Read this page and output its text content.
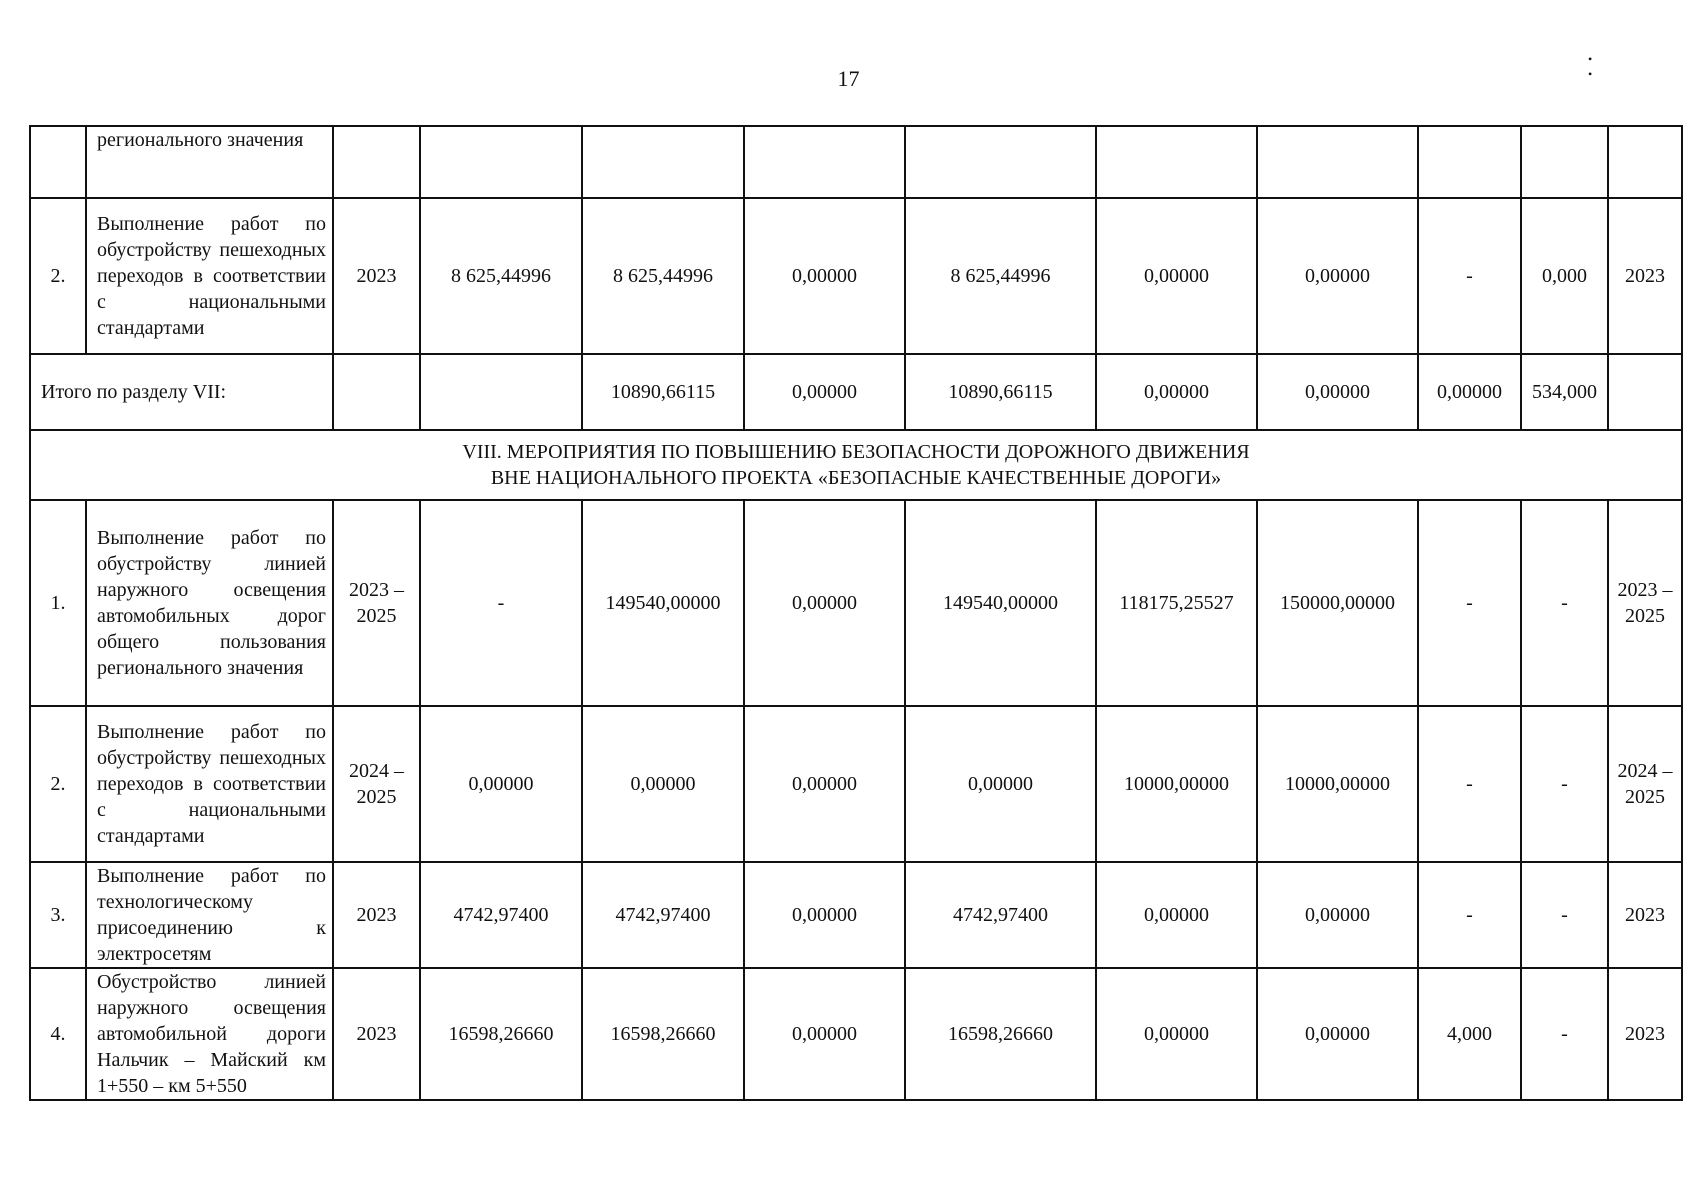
17
• •
	регионального значения										
2.	Выполнение работ по обустройству пешеходных переходов в соответствии с национальными стандартами	2023	8 625,44996	8 625,44996	0,00000	8 625,44996	0,00000	0,00000	-	0,000	2023
Итого по разделу VII:				10890,66115	0,00000	10890,66115	0,00000	0,00000	0,00000	534,000	

VIII. МЕРОПРИЯТИЯ ПО ПОВЫШЕНИЮ БЕЗОПАСНОСТИ ДОРОЖНОГО ДВИЖЕНИЯ
ВНЕ НАЦИОНАЛЬНОГО ПРОЕКТА «БЕЗОПАСНЫЕ КАЧЕСТВЕННЫЕ ДОРОГИ»											

1.	Выполнение работ по обустройству линией наружного освещения автомобильных дорог общего пользования регионального значения	2023 – 2025	-	149540,00000	0,00000	149540,00000	118175,25527	150000,00000	-	-	2023 – 2025
2.	Выполнение работ по обустройству пешеходных переходов в соответствии с национальными стандартами	2024 – 2025	0,00000	0,00000	0,00000	0,00000	10000,00000	10000,00000	-	-	2024 – 2025
3.	Выполнение работ по технологическому присоединению к электросетям	2023	4742,97400	4742,97400	0,00000	4742,97400	0,00000	0,00000	-	-	2023
4.	Обустройство линией наружного освещения автомобильной дороги Нальчик – Майский км 1+550 – км 5+550	2023	16598,26660	16598,26660	0,00000	16598,26660	0,00000	0,00000	4,000	-	2023
